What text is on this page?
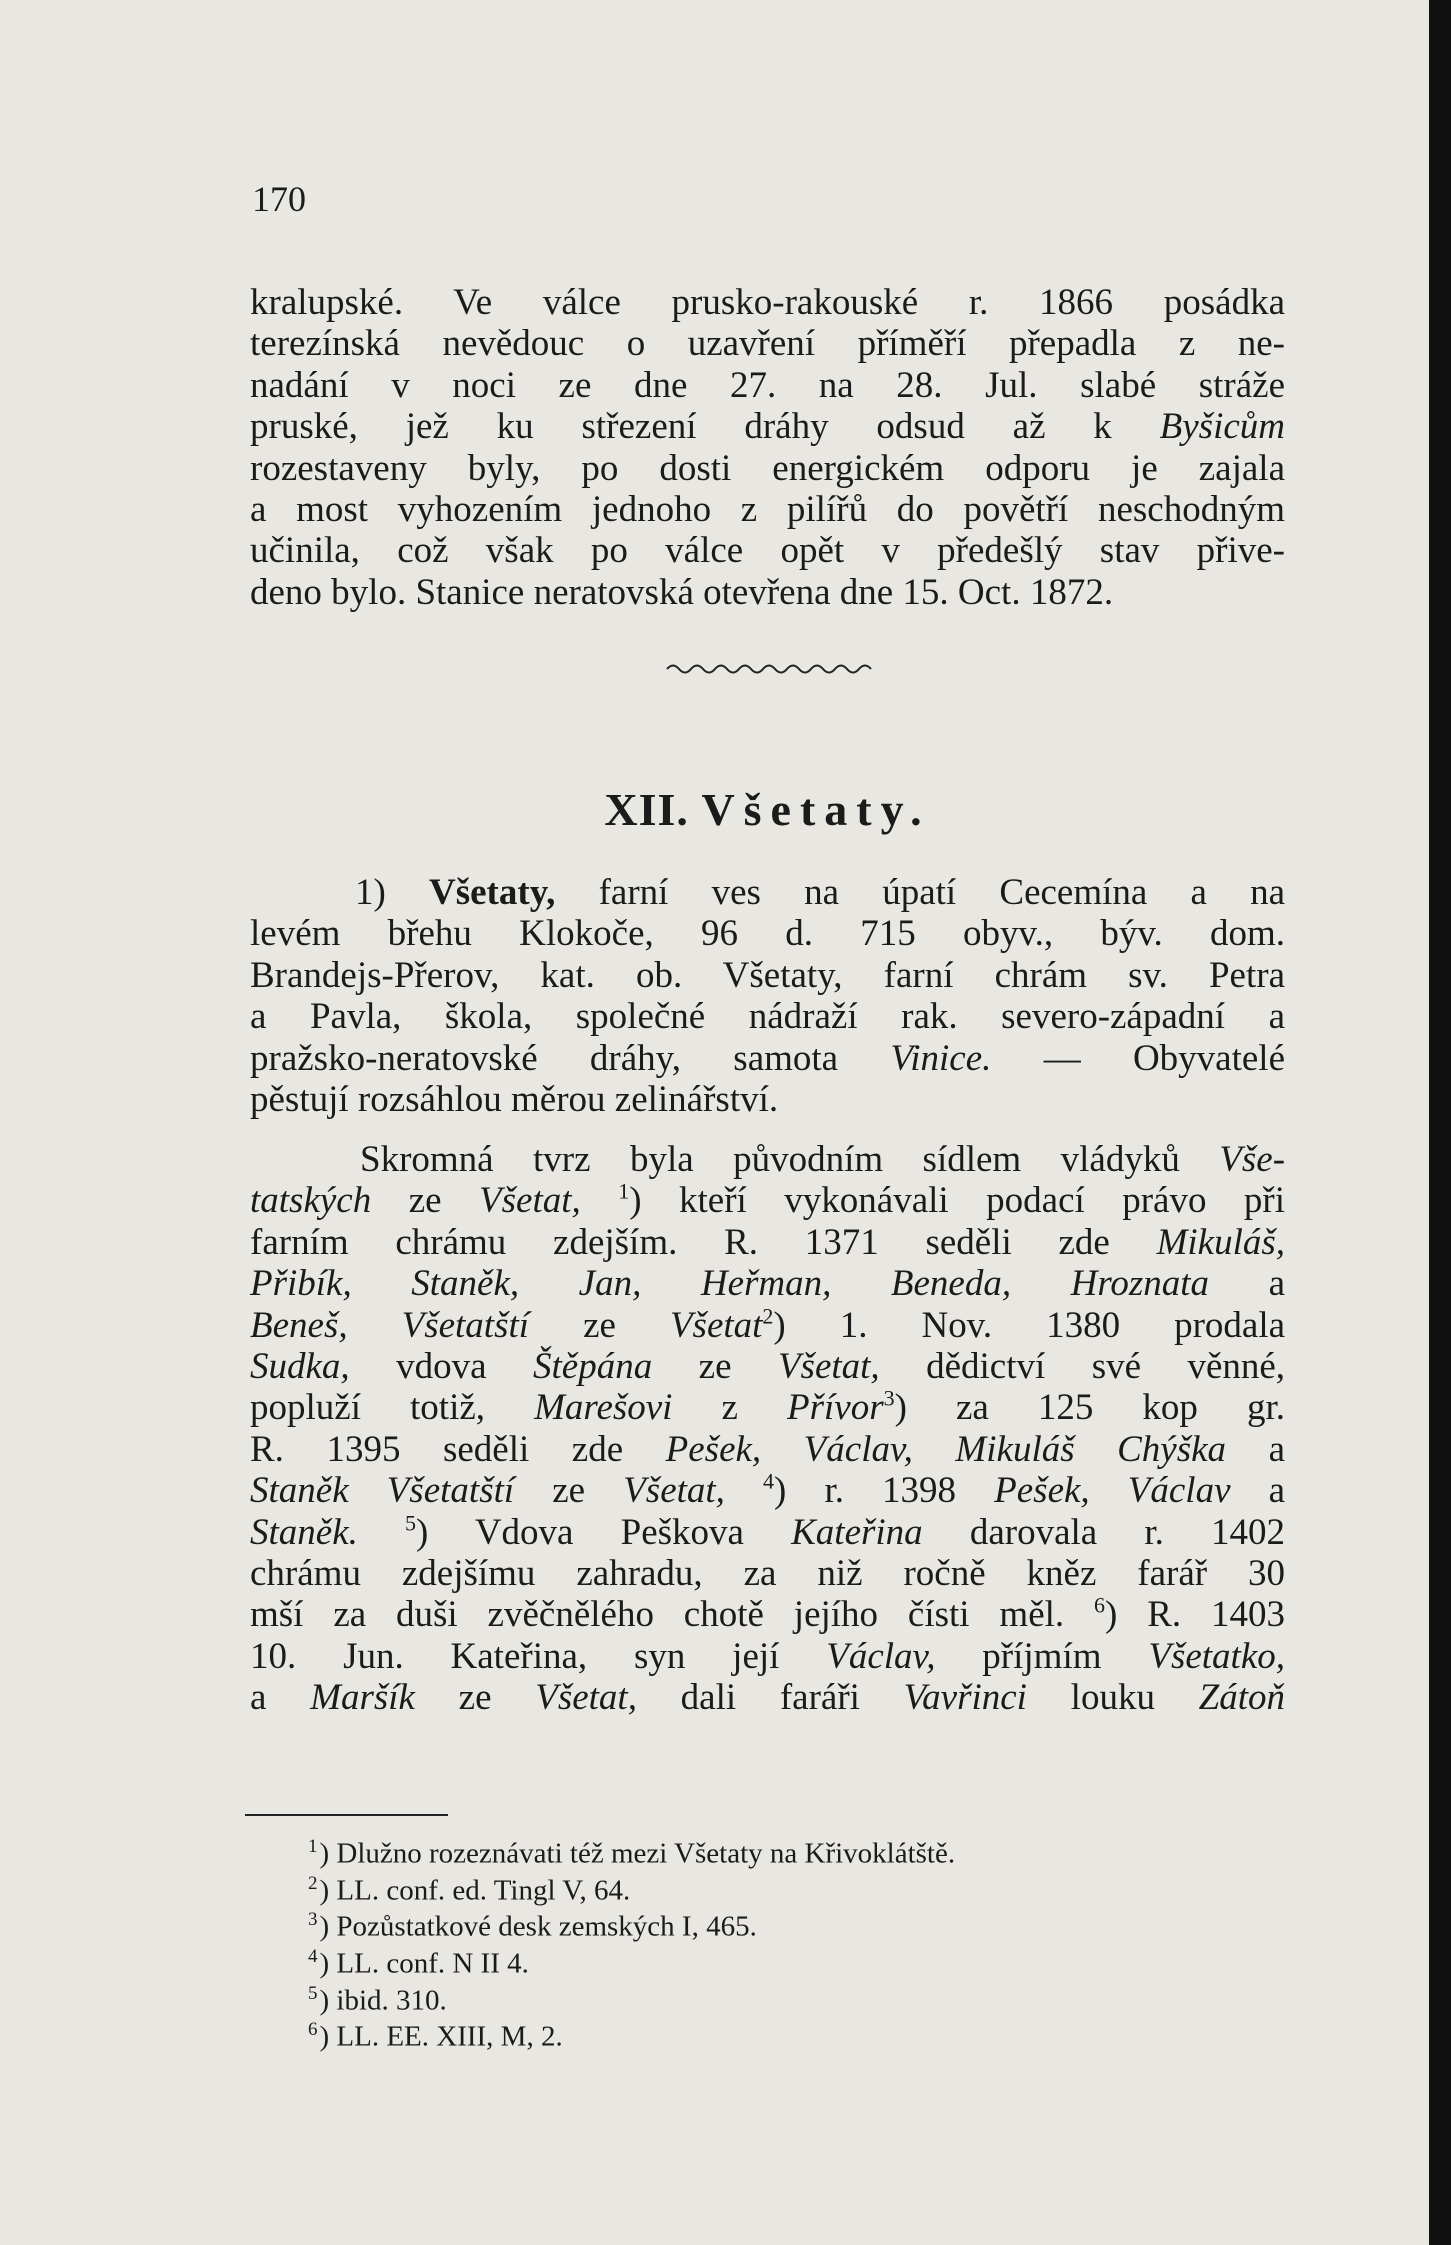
170
kralupské. Ve válce prusko-rakouské r. 1866 posádka
terezínská nevědouc o uzavření příměří přepadla z ne-
nadání v noci ze dne 27. na 28. Jul. slabé stráže
pruské, jež ku střezení dráhy odsud až k Byšicům
rozestaveny byly, po dosti energickém odporu je zajala
a most vyhozením jednoho z pilířů do povětří neschodným
učinila, což však po válce opět v předešlý stav přive-
deno bylo. Stanice neratovská otevřena dne 15. Oct. 1872.
XII. Všetaty.
1) Všetaty, farní ves na úpatí Cecemína a na
levém břehu Klokoče, 96 d. 715 obyv., býv. dom.
Brandejs-Přerov, kat. ob. Všetaty, farní chrám sv. Petra
a Pavla, škola, společné nádraží rak. severo-západní a
pražsko-neratovské dráhy, samota Vinice. — Obyvatelé
pěstují rozsáhlou měrou zelinářství.
Skromná tvrz byla původním sídlem vládyků Vše-
tatských ze Všetat, $^1$) kteří vykonávali podací právo při
farním chrámu zdejším. R. 1371 seděli zde Mikuláš,
Přibík, Staněk, Jan, Heřman, Beneda, Hroznata a
Beneš, Všetatští ze Všetat$^2$) 1. Nov. 1380 prodala
Sudka, vdova Štěpána ze Všetat, dědictví své věnné,
popluží totiž, Marešovi z Přívor$^3$) za 125 kop gr.
R. 1395 seděli zde Pešek, Václav, Mikuláš Chýška a
Staněk Všetatští ze Všetat, $^4$) r. 1398 Pešek, Václav a
Staněk. $^5$) Vdova Peškova Kateřina darovala r. 1402
chrámu zdejšímu zahradu, za niž ročně kněz farář 30
mší za duši zvěčnělého chotě jejího čísti měl. $^6$) R. 1403
10. Jun. Kateřina, syn její Václav, příjmím Všetatko,
a Maršík ze Všetat, dali faráři Vavřinci louku Zátoň
$^1$) Dlužno rozeznávati též mezi Všetaty na Křivoklátště.
$^2$) LL. conf. ed. Tingl V, 64.
$^3$) Pozůstatkové desk zemských I, 465.
$^4$) LL. conf. N II 4.
$^5$) ibid. 310.
$^6$) LL. EE. XIII, M, 2.
